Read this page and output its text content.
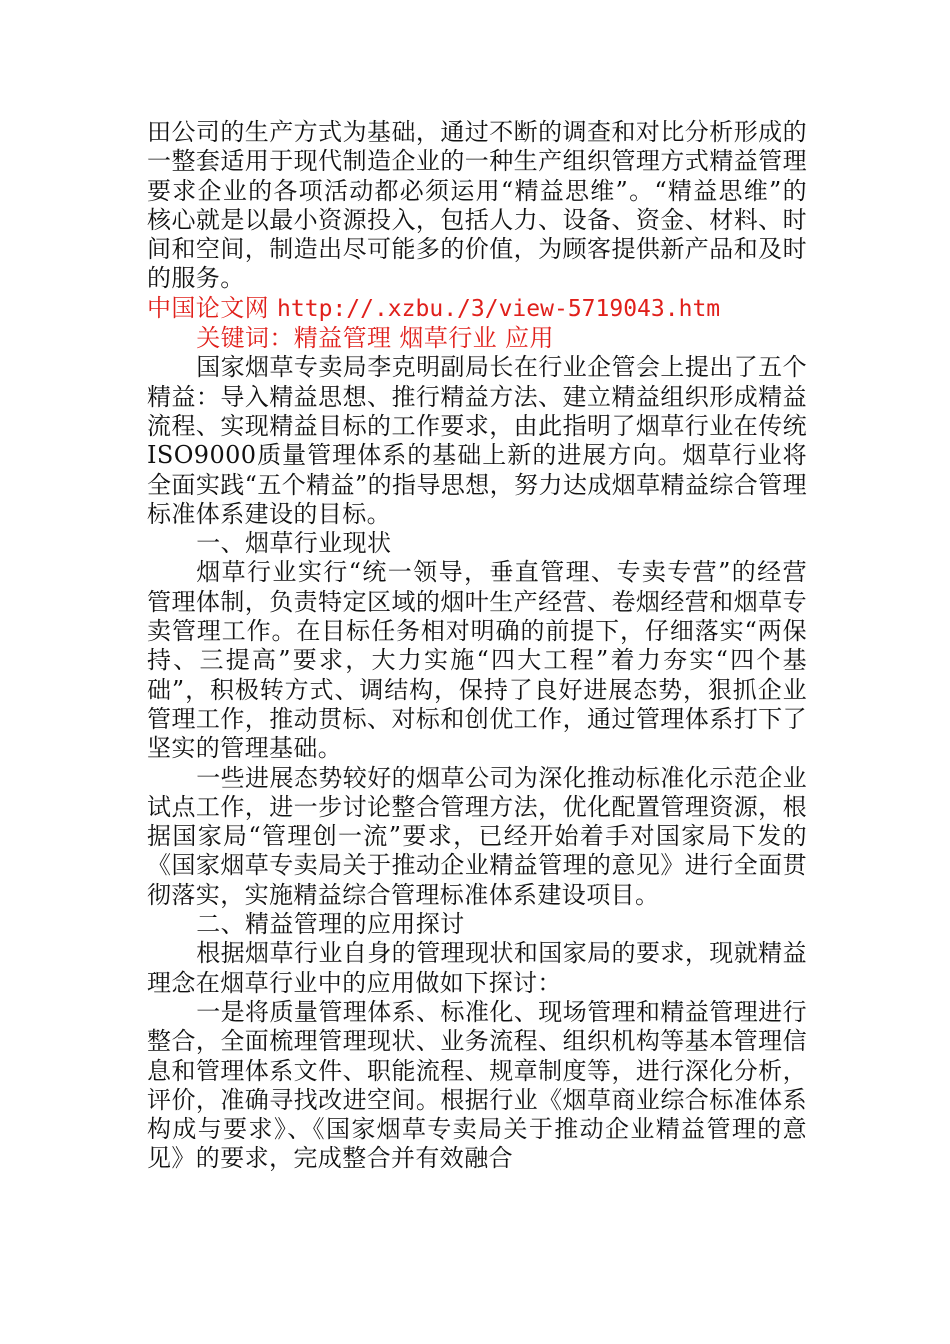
田公司的生产方式为基础，通过不断的调查和对比分析形成的一整套适用于现代制造企业的一种生产组织管理方式精益管理要求企业的各项活动都必须运用“精益思维”。“精益思维”的核心就是以最小资源投入，包括人力、设备、资金、材料、时间和空间，制造出尽可能多的价值，为顾客提供新产品和及时的服务。

中国论文网 http://.xzbu./3/view-5719043.htm

关键词：精益管理 烟草行业 应用

国家烟草专卖局李克明副局长在行业企管会上提出了五个精益：导入精益思想、推行精益方法、建立精益组织形成精益流程、实现精益目标的工作要求，由此指明了烟草行业在传统ISO9000质量管理体系的基础上新的进展方向。烟草行业将全面实践“五个精益”的指导思想，努力达成烟草精益综合管理标准体系建设的目标。

一、烟草行业现状

烟草行业实行“统一领导，垂直管理、专卖专营”的经营管理体制，负责特定区域的烟叶生产经营、卷烟经营和烟草专卖管理工作。在目标任务相对明确的前提下，仔细落实“两保持、三提高”要求，大力实施“四大工程”着力夯实“四个基础”，积极转方式、调结构，保持了良好进展态势，狠抓企业管理工作，推动贯标、对标和创优工作，通过管理体系打下了坚实的管理基础。

一些进展态势较好的烟草公司为深化推动标准化示范企业试点工作，进一步讨论整合管理方法，优化配置管理资源，根据国家局“管理创一流”要求，已经开始着手对国家局下发的《国家烟草专卖局关于推动企业精益管理的意见》进行全面贯彻落实，实施精益综合管理标准体系建设项目。

二、精益管理的应用探讨

根据烟草行业自身的管理现状和国家局的要求，现就精益理念在烟草行业中的应用做如下探讨：

一是将质量管理体系、标准化、现场管理和精益管理进行整合，全面梳理管理现状、业务流程、组织机构等基本管理信息和管理体系文件、职能流程、规章制度等，进行深化分析，评价，准确寻找改进空间。根据行业《烟草商业综合标准体系 构成与要求》、《国家烟草专卖局关于推动企业精益管理的意见》的要求，完成整合并有效融合
